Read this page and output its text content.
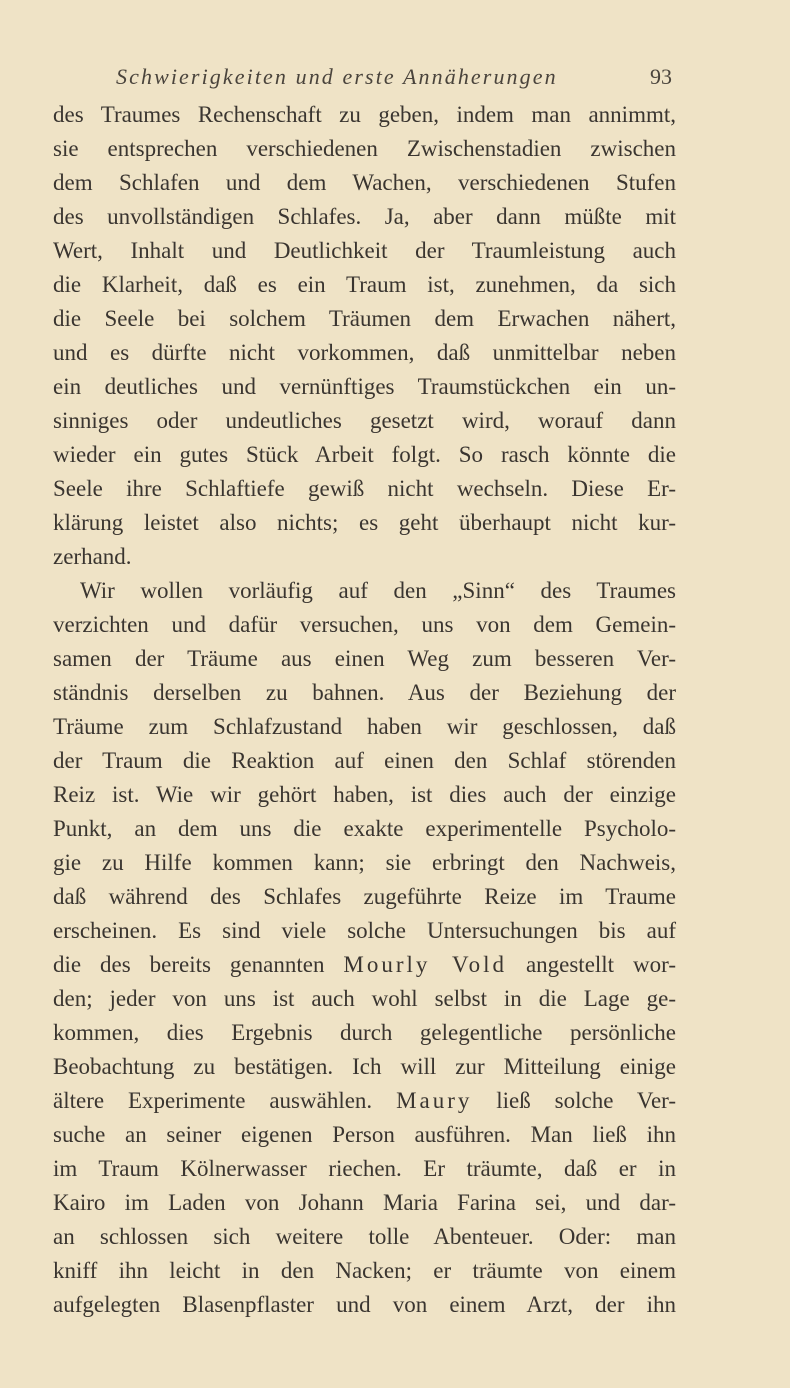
Schwierigkeiten und erste Annäherungen	93
des Traumes Rechenschaft zu geben, indem man annimmt,
sie entsprechen verschiedenen Zwischenstadien zwischen
dem Schlafen und dem Wachen, verschiedenen Stufen
des unvollständigen Schlafes. Ja, aber dann müßte mit
Wert, Inhalt und Deutlichkeit der Traumleistung auch
die Klarheit, daß es ein Traum ist, zunehmen, da sich
die Seele bei solchem Träumen dem Erwachen nähert,
und es dürfte nicht vorkommen, daß unmittelbar neben
ein deutliches und vernünftiges Traumstückchen ein un-
sinniges oder undeutliches gesetzt wird, worauf dann
wieder ein gutes Stück Arbeit folgt. So rasch könnte die
Seele ihre Schlaftiefe gewiß nicht wechseln. Diese Er-
klärung leistet also nichts; es geht überhaupt nicht kur-
zerhand.
Wir wollen vorläufig auf den „Sinn“ des Traumes
verzichten und dafür versuchen, uns von dem Gemein-
samen der Träume aus einen Weg zum besseren Ver-
ständnis derselben zu bahnen. Aus der Beziehung der
Träume zum Schlafzustand haben wir geschlossen, daß
der Traum die Reaktion auf einen den Schlaf störenden
Reiz ist. Wie wir gehört haben, ist dies auch der einzige
Punkt, an dem uns die exakte experimentelle Psycholo-
gie zu Hilfe kommen kann; sie erbringt den Nachweis,
daß während des Schlafes zugeführte Reize im Traume
erscheinen. Es sind viele solche Untersuchungen bis auf
die des bereits genannten Mourly Vold angestellt wor-
den; jeder von uns ist auch wohl selbst in die Lage ge-
kommen, dies Ergebnis durch gelegentliche persönliche
Beobachtung zu bestätigen. Ich will zur Mitteilung einige
ältere Experimente auswählen. Maury ließ solche Ver-
suche an seiner eigenen Person ausführen. Man ließ ihn
im Traum Kölnerwasser riechen. Er träumte, daß er in
Kairo im Laden von Johann Maria Farina sei, und dar-
an schlossen sich weitere tolle Abenteuer. Oder: man
kniff ihn leicht in den Nacken; er träumte von einem
aufgelegten Blasenpflaster und von einem Arzt, der ihn
